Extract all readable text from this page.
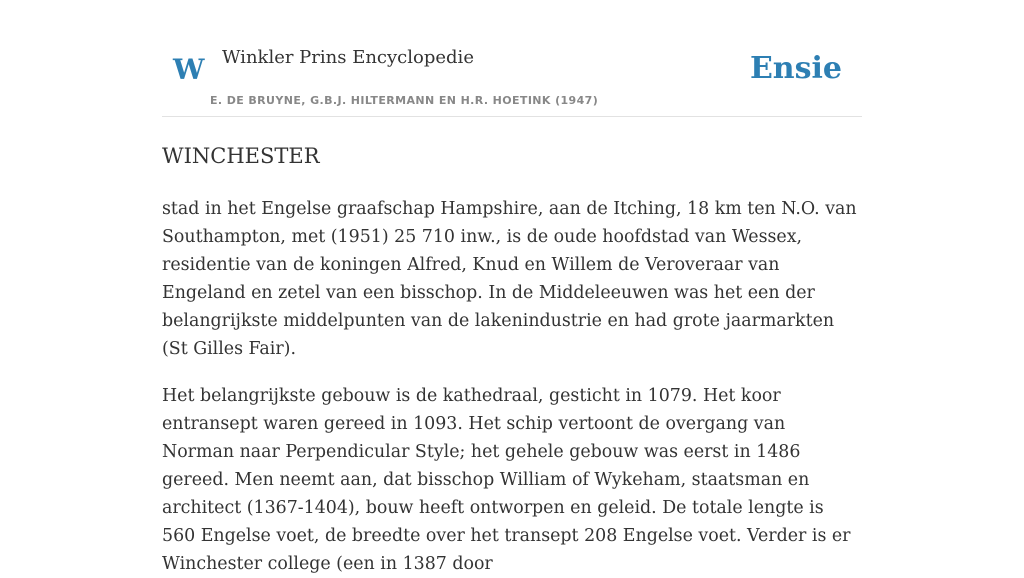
W Winkler Prins Encyclopedie
E. DE BRUYNE, G.B.J. HILTERMANN EN H.R. HOETINK (1947)
Ensie
WINCHESTER

stad in het Engelse graafschap Hampshire, aan de Itching, 18 km ten N.O. van Southampton, met (1951) 25 710 inw., is de oude hoofdstad van Wessex, residentie van de koningen Alfred, Knud en Willem de Veroveraar van Engeland en zetel van een bisschop. In de Middeleeuwen was het een der belangrijkste middelpunten van de lakenindustrie en had grote jaarmarkten (St Gilles Fair).

Het belangrijkste gebouw is de kathedraal, gesticht in 1079. Het koor entransept waren gereed in 1093. Het schip vertoont de overgang van Norman naar Perpendicular Style; het gehele gebouw was eerst in 1486 gereed. Men neemt aan, dat bisschop William of Wykeham, staatsman en architect (1367-1404), bouw heeft ontworpen en geleid. De totale lengte is 560 Engelse voet, de breedte over het transept 208 Engelse voet. Verder is er Winchester college (een in 1387 door
